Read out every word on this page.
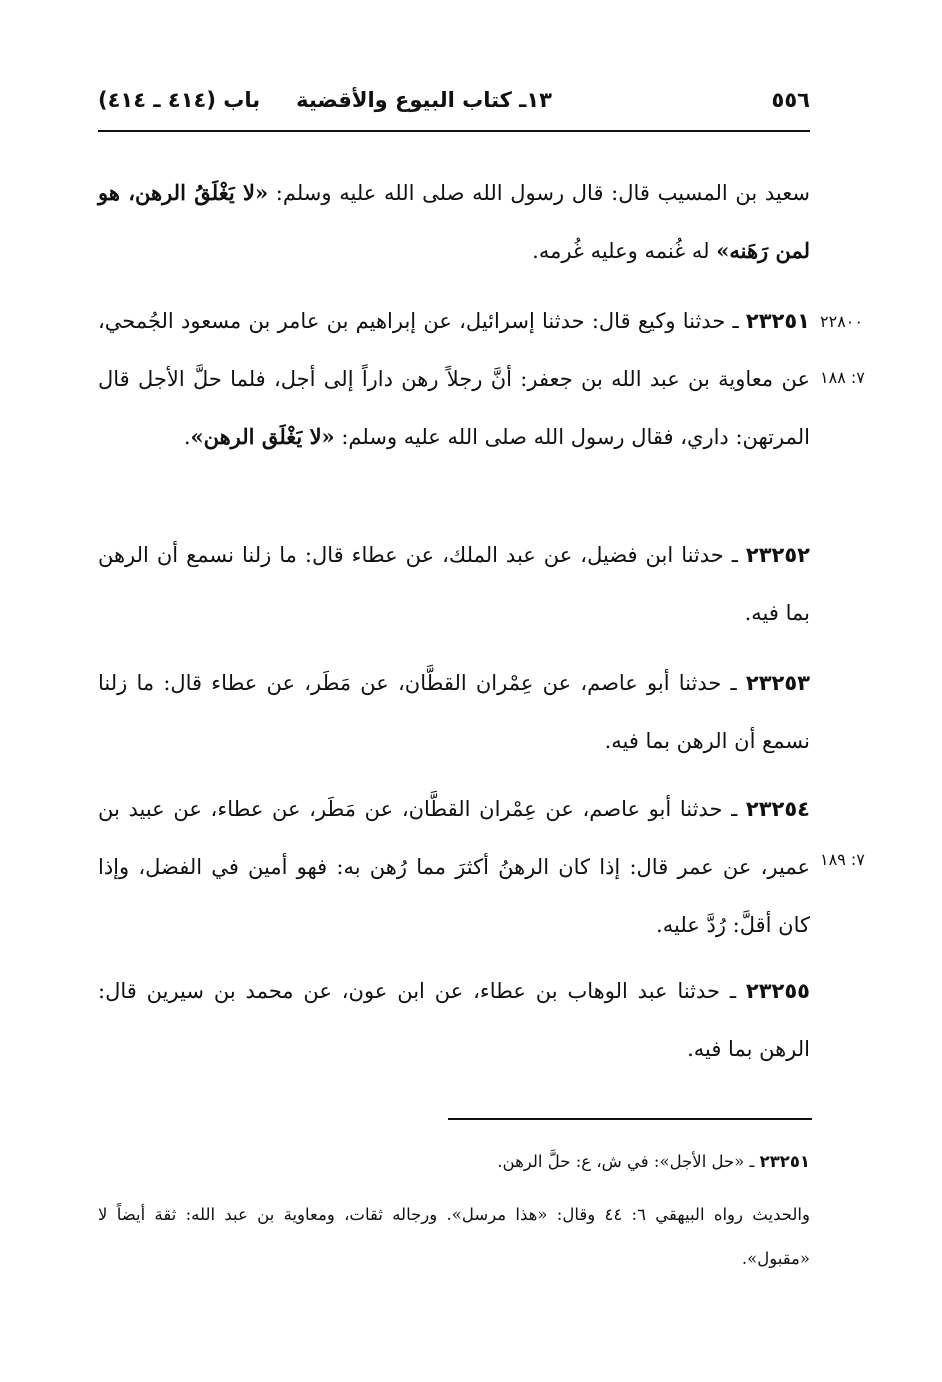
٥٥٦
١٣ـ كتاب البيوع والأقضية
باب (٤١٤ ـ ٤١٤)

سعيد بن المسيب قال: قال رسول الله صلى الله عليه وسلم: «لا يَغْلَقُ الرهن، هو لمن رَهَنه» له غُنمه وعليه غُرمه.

٢٢٨٠٠
٧: ١٨٨

٢٣٢٥١ ـ حدثنا وكيع قال: حدثنا إسرائيل، عن إبراهيم بن عامر بن مسعود الجُمحي، عن معاوية بن عبد الله بن جعفر: أنَّ رجلاً رهن داراً إلى أجل، فلما حلَّ الأجل قال المرتهن: داري، فقال رسول الله صلى الله عليه وسلم: «لا يَغْلَق الرهن».

٢٣٢٥٢ ـ حدثنا ابن فضيل، عن عبد الملك، عن عطاء قال: ما زلنا نسمع أن الرهن بما فيه.

٢٣٢٥٣ ـ حدثنا أبو عاصم، عن عِمْران القطَّان، عن مَطَر، عن عطاء قال: ما زلنا نسمع أن الرهن بما فيه.

٧: ١٨٩

٢٣٢٥٤ ـ حدثنا أبو عاصم، عن عِمْران القطَّان، عن مَطَر، عن عطاء، عن عبيد بن عمير، عن عمر قال: إذا كان الرهنُ أكثرَ مما رُهن به: فهو أمين في الفضل، وإذا كان أقلَّ: رُدَّ عليه.

٢٣٢٥٥ ـ حدثنا عبد الوهاب بن عطاء، عن ابن عون، عن محمد بن سيرين قال: الرهن بما فيه.

٢٣٢٥١ ـ «حل الأجل»: في ش، ع: حلَّ الرهن.

والحديث رواه البيهقي ٦: ٤٤ وقال: «هذا مرسل». ورجاله ثقات، ومعاوية بن عبد الله: ثقة أيضاً لا «مقبول».
